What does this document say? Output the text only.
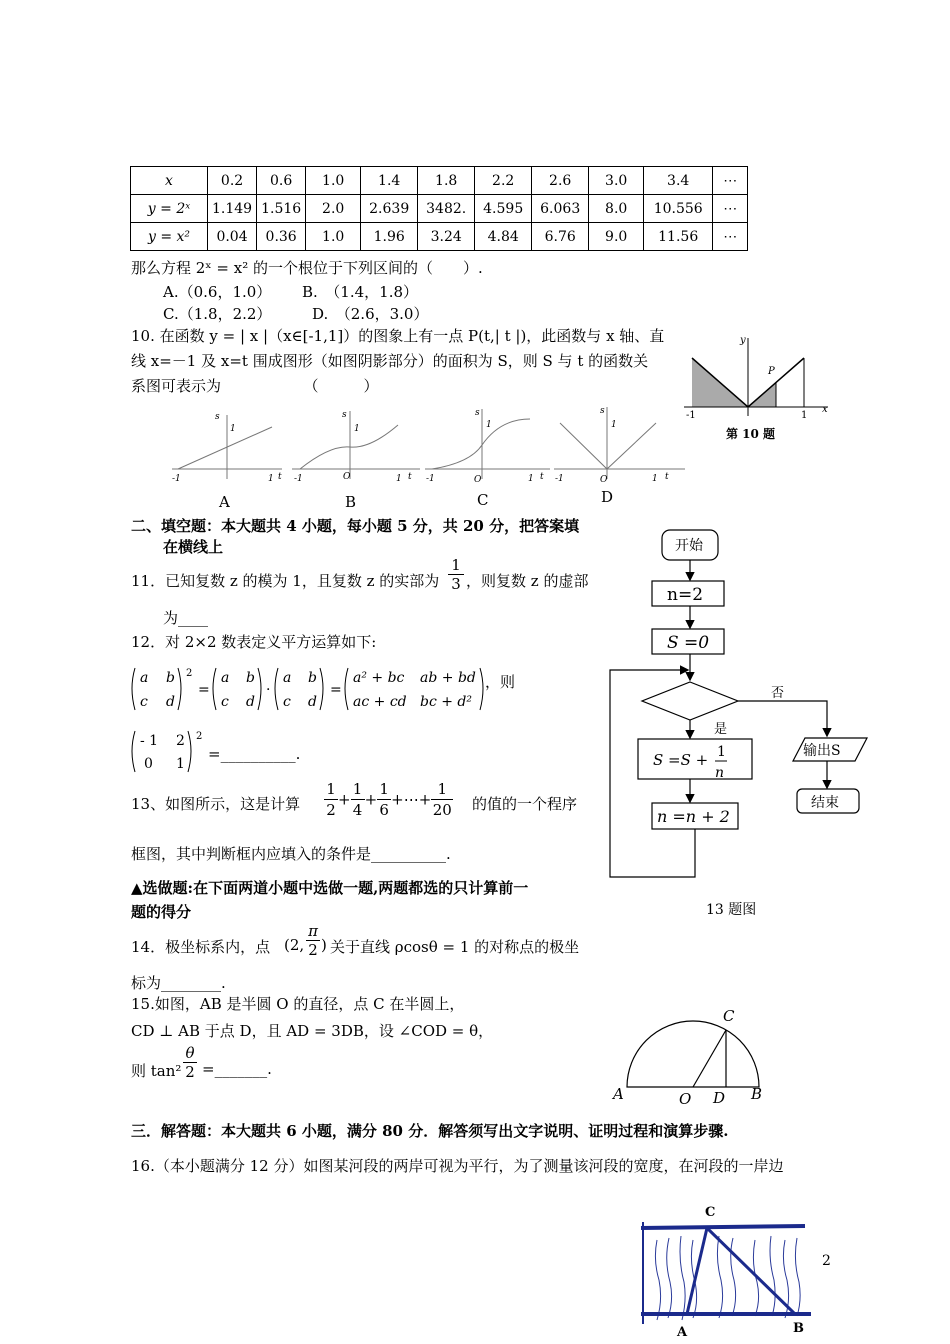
x	0.2	0.6	1.0	1.4	1.8	2.2	2.6	3.0	3.4	⋯
y = 2ˣ	1.149	1.516	2.0	2.639	3482.	4.595	6.063	8.0	10.556	⋯
y = x²	0.04	0.36	1.0	1.96	3.24	4.84	6.76	9.0	11.56	⋯
那么方程 2ˣ = x² 的一个根位于下列区间的（　　）.
A.（0.6，1.0） B.　（1.4，1.8）
C.（1.8，2.2）	D.　（2.6，3.0）
10. 在函数 y = | x |（x∈[-1,1]）的图象上有一点 P(t,| t |)，此函数与 x 轴、直
线 x=－1 及 x=t 围成图形（如图阴影部分）的面积为 S，则 S 与 t 的函数关
系图可表示为　　　　　　（　　　）
y
x
P
-1	1
第 10 题
s
1
-1	1 t
s
1
-1	O	1 t
s
1
-1	O	1 t
s
1
-1	O	1 t
A	B	C	D
二、填空题：本大题共 4 小题，每小题 5 分，共 20 分，把答案填
在横线上
11．已知复数 z 的模为 1，且复数 z 的实部为 $\frac{1}{3}$ ，则复数 z 的虚部
为____
12．对 2×2 数表定义平方运算如下:
a b
c d
2
=
a b
c d
·
a b
c d
=
a² + bc ab + bd
ac + cd bc + d²
，则
- 1 2
0 1
2
=__________.
13、如图所示，这是计算 $\frac{1}{2} + \frac{1}{4} + \frac{1}{6}$ +⋯+ $\frac{1}{20}$ 的值的一个程序
框图，其中判断框内应填入的条件是__________.
开始
n=2
S =0
否
是
S =S + 1
n
n =n + 2
输出S
结束
13 题图
▲选做题:在下面两道小题中选做一题,两题都选的只计算前一
题的得分
14．极坐标系内，点 (2, $\frac{\pi}{2}$ ) 关于直线 ρcosθ = 1 的对称点的极坐
标为________.
15.如图，AB 是半圆 O 的直径，点 C 在半圆上，
CD ⊥ AB 于点 D，且 AD = 3DB，设 ∠COD = θ，
则 $\tan^2 \frac{\theta}{2}$ =_______.
A	B
C
D
O
三．解答题：本大题共 6 小题，满分 80 分．解答须写出文字说明、证明过程和演算步骤.
16.（本小题满分 12 分）如图某河段的两岸可视为平行，为了测量该河段的宽度，在河段的一岸边
C
A	B
2
